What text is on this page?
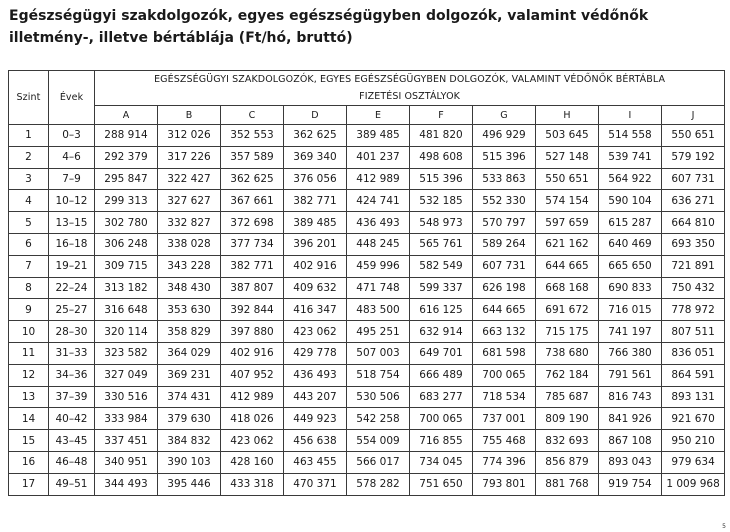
Egészségügyi szakdolgozók, egyes egészségügyben dolgozók, valamint védőnők illetmény-, illetve bértáblája (Ft/hó, bruttó)
Szint	Évek	EGÉSZSÉGÜGYI SZAKDOLGOZÓK, EGYES EGÉSZSÉGÜGYBEN DOLGOZÓK, VALAMINT VÉDŐNŐK BÉRTÁBLA									
		FIZETÉSI OSZTÁLYOK									
		A	B	C	D	E	F	G	H	I	J
1	0–3	288 914	312 026	352 553	362 625	389 485	481 820	496 929	503 645	514 558	550 651
2	4–6	292 379	317 226	357 589	369 340	401 237	498 608	515 396	527 148	539 741	579 192
3	7–9	295 847	322 427	362 625	376 056	412 989	515 396	533 863	550 651	564 922	607 731
4	10–12	299 313	327 627	367 661	382 771	424 741	532 185	552 330	574 154	590 104	636 271
5	13–15	302 780	332 827	372 698	389 485	436 493	548 973	570 797	597 659	615 287	664 810
6	16–18	306 248	338 028	377 734	396 201	448 245	565 761	589 264	621 162	640 469	693 350
7	19–21	309 715	343 228	382 771	402 916	459 996	582 549	607 731	644 665	665 650	721 891
8	22–24	313 182	348 430	387 807	409 632	471 748	599 337	626 198	668 168	690 833	750 432
9	25–27	316 648	353 630	392 844	416 347	483 500	616 125	644 665	691 672	716 015	778 972
10	28–30	320 114	358 829	397 880	423 062	495 251	632 914	663 132	715 175	741 197	807 511
11	31–33	323 582	364 029	402 916	429 778	507 003	649 701	681 598	738 680	766 380	836 051
12	34–36	327 049	369 231	407 952	436 493	518 754	666 489	700 065	762 184	791 561	864 591
13	37–39	330 516	374 431	412 989	443 207	530 506	683 277	718 534	785 687	816 743	893 131
14	40–42	333 984	379 630	418 026	449 923	542 258	700 065	737 001	809 190	841 926	921 670
15	43–45	337 451	384 832	423 062	456 638	554 009	716 855	755 468	832 693	867 108	950 210
16	46–48	340 951	390 103	428 160	463 455	566 017	734 045	774 396	856 879	893 043	979 634
17	49–51	344 493	395 446	433 318	470 371	578 282	751 650	793 801	881 768	919 754	1 009 968
5
